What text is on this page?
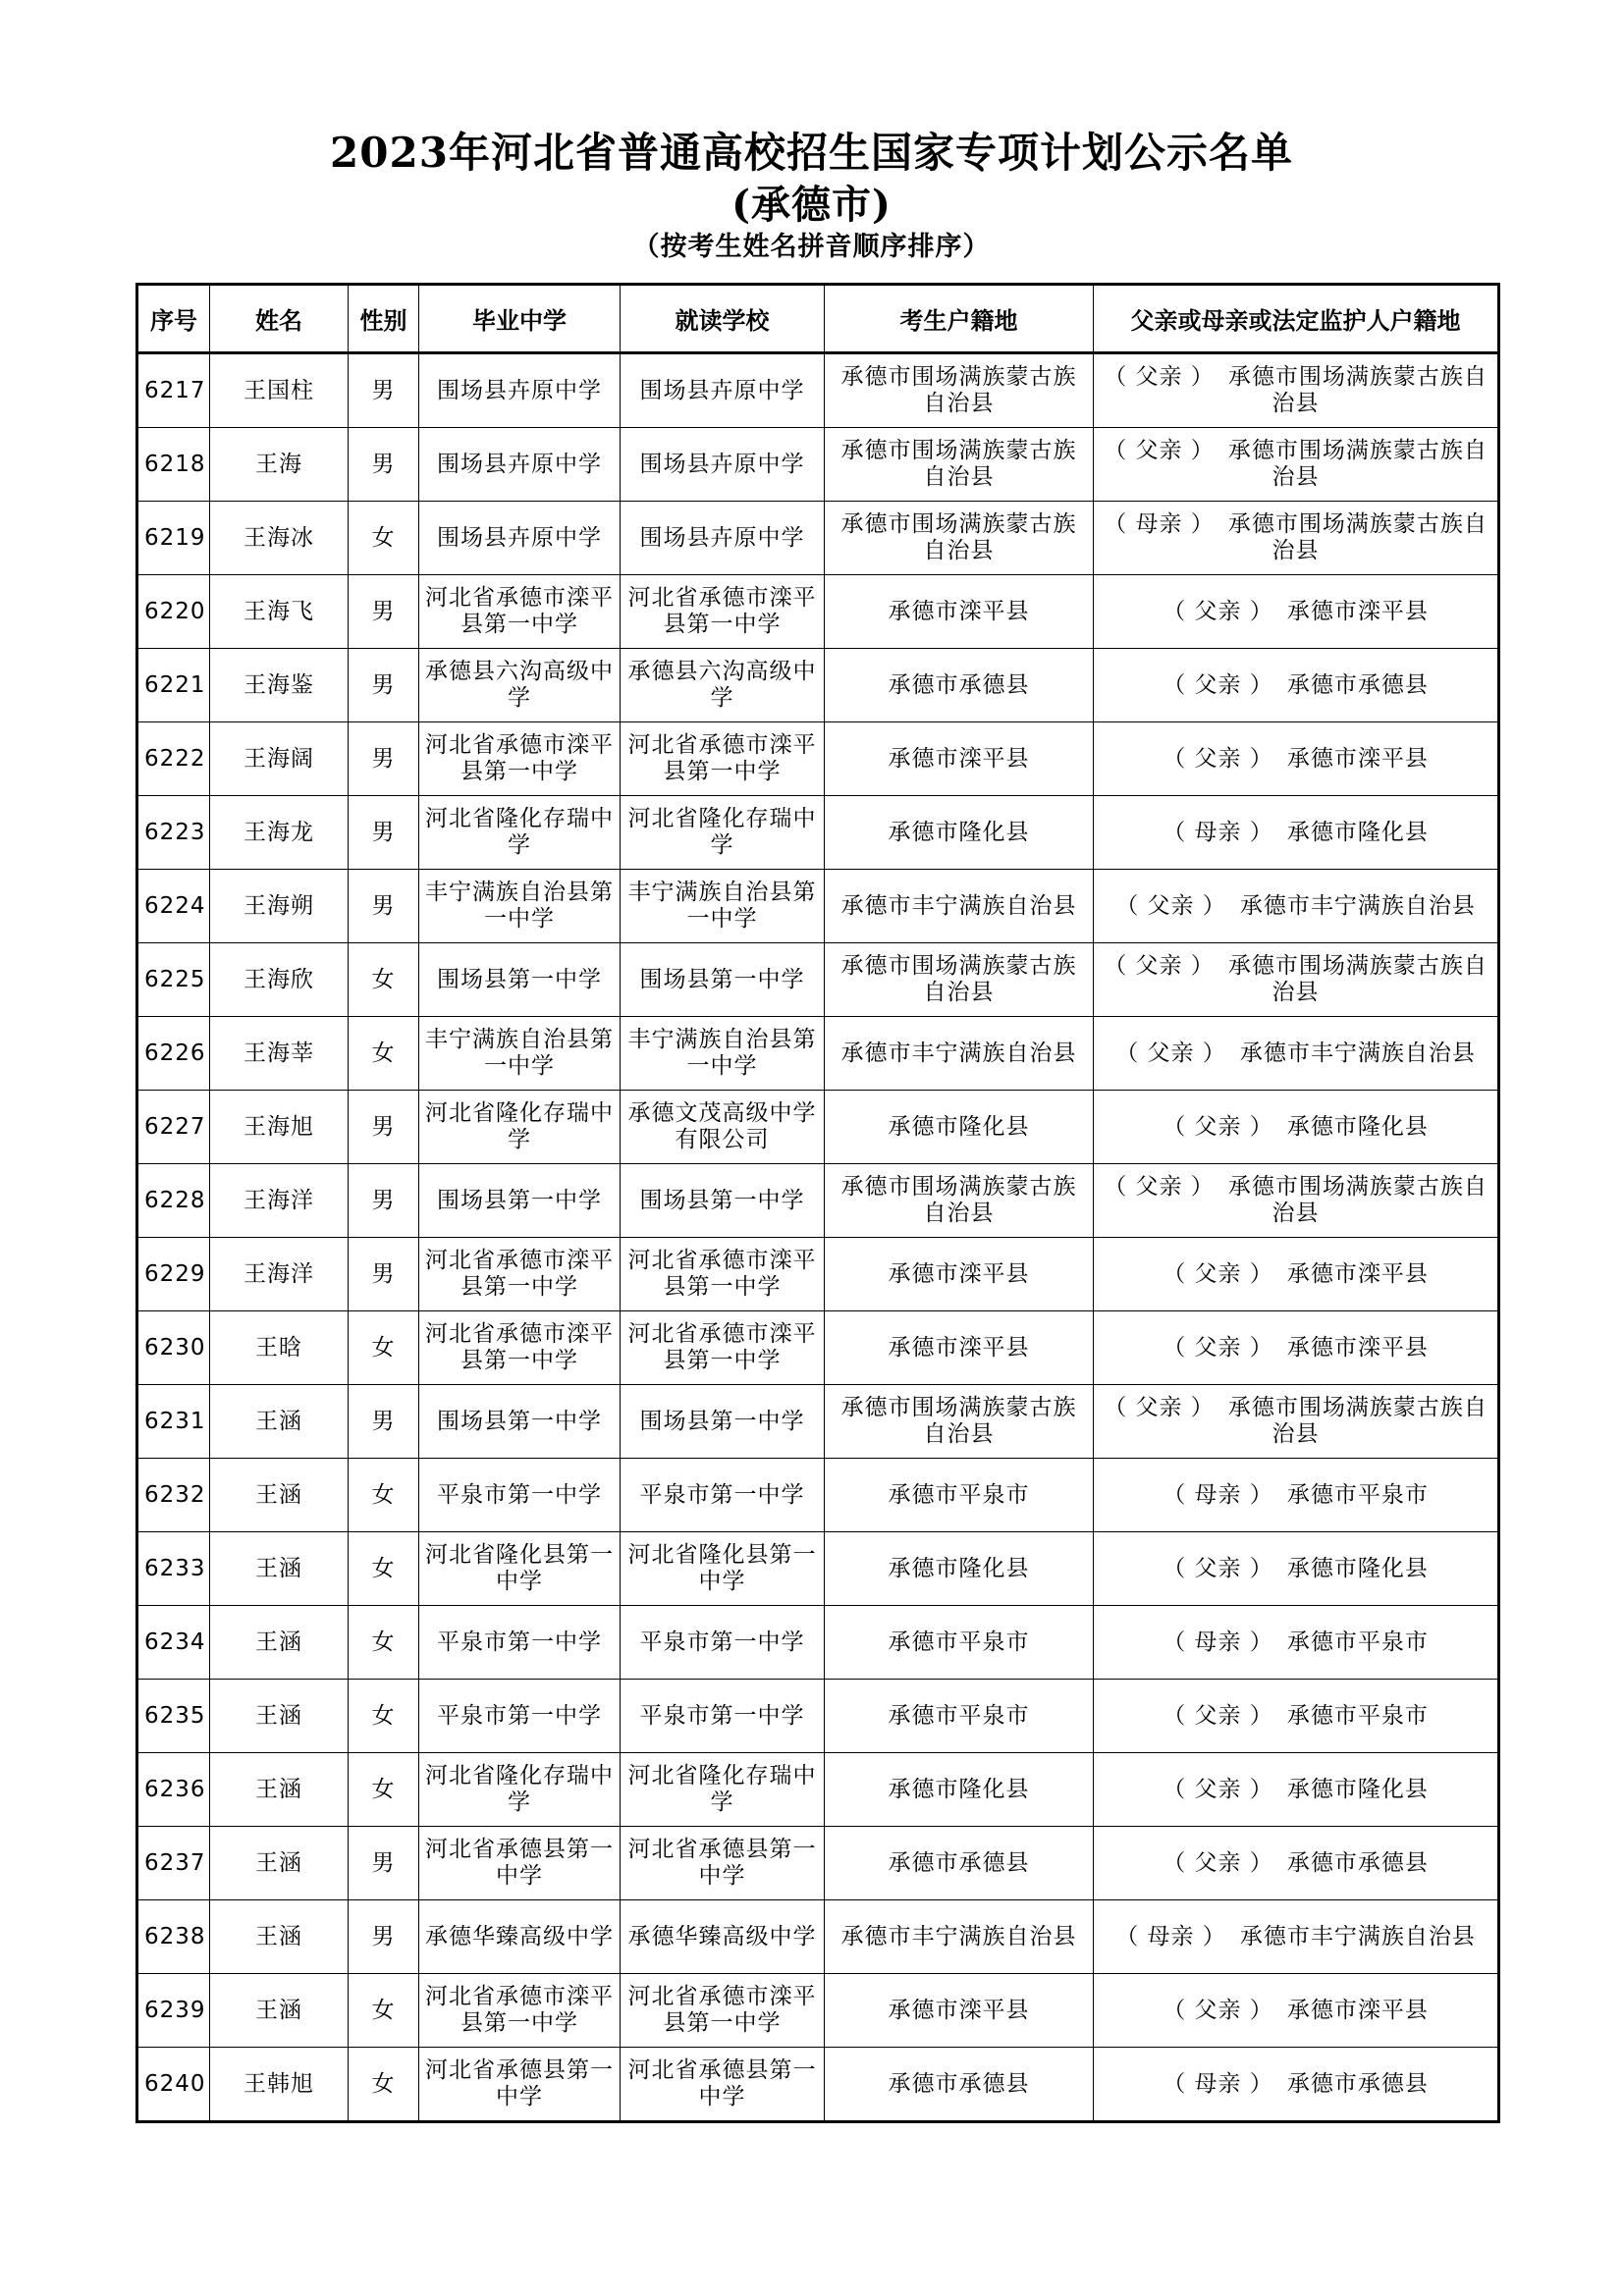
2023年河北省普通高校招生国家专项计划公示名单
(承德市)
（按考生姓名拼音顺序排序）
序号	姓名	性别	毕业中学	就读学校	考生户籍地	父亲或母亲或法定监护人户籍地
6217	王国柱	男	围场县卉原中学	围场县卉原中学	承德市围场满族蒙古族自治县	（ 父亲 ） 承德市围场满族蒙古族自治县
6218	王海	男	围场县卉原中学	围场县卉原中学	承德市围场满族蒙古族自治县	（ 父亲 ） 承德市围场满族蒙古族自治县
6219	王海冰	女	围场县卉原中学	围场县卉原中学	承德市围场满族蒙古族自治县	（ 母亲 ） 承德市围场满族蒙古族自治县
6220	王海飞	男	河北省承德市滦平县第一中学	河北省承德市滦平县第一中学	承德市滦平县	（ 父亲 ） 承德市滦平县
6221	王海鉴	男	承德县六沟高级中学	承德县六沟高级中学	承德市承德县	（ 父亲 ） 承德市承德县
6222	王海阔	男	河北省承德市滦平县第一中学	河北省承德市滦平县第一中学	承德市滦平县	（ 父亲 ） 承德市滦平县
6223	王海龙	男	河北省隆化存瑞中学	河北省隆化存瑞中学	承德市隆化县	（ 母亲 ） 承德市隆化县
6224	王海朔	男	丰宁满族自治县第一中学	丰宁满族自治县第一中学	承德市丰宁满族自治县	（ 父亲 ） 承德市丰宁满族自治县
6225	王海欣	女	围场县第一中学	围场县第一中学	承德市围场满族蒙古族自治县	（ 父亲 ） 承德市围场满族蒙古族自治县
6226	王海莘	女	丰宁满族自治县第一中学	丰宁满族自治县第一中学	承德市丰宁满族自治县	（ 父亲 ） 承德市丰宁满族自治县
6227	王海旭	男	河北省隆化存瑞中学	承德文茂高级中学有限公司	承德市隆化县	（ 父亲 ） 承德市隆化县
6228	王海洋	男	围场县第一中学	围场县第一中学	承德市围场满族蒙古族自治县	（ 父亲 ） 承德市围场满族蒙古族自治县
6229	王海洋	男	河北省承德市滦平县第一中学	河北省承德市滦平县第一中学	承德市滦平县	（ 父亲 ） 承德市滦平县
6230	王晗	女	河北省承德市滦平县第一中学	河北省承德市滦平县第一中学	承德市滦平县	（ 父亲 ） 承德市滦平县
6231	王涵	男	围场县第一中学	围场县第一中学	承德市围场满族蒙古族自治县	（ 父亲 ） 承德市围场满族蒙古族自治县
6232	王涵	女	平泉市第一中学	平泉市第一中学	承德市平泉市	（ 母亲 ） 承德市平泉市
6233	王涵	女	河北省隆化县第一中学	河北省隆化县第一中学	承德市隆化县	（ 父亲 ） 承德市隆化县
6234	王涵	女	平泉市第一中学	平泉市第一中学	承德市平泉市	（ 母亲 ） 承德市平泉市
6235	王涵	女	平泉市第一中学	平泉市第一中学	承德市平泉市	（ 父亲 ） 承德市平泉市
6236	王涵	女	河北省隆化存瑞中学	河北省隆化存瑞中学	承德市隆化县	（ 父亲 ） 承德市隆化县
6237	王涵	男	河北省承德县第一中学	河北省承德县第一中学	承德市承德县	（ 父亲 ） 承德市承德县
6238	王涵	男	承德华臻高级中学	承德华臻高级中学	承德市丰宁满族自治县	（ 母亲 ） 承德市丰宁满族自治县
6239	王涵	女	河北省承德市滦平县第一中学	河北省承德市滦平县第一中学	承德市滦平县	（ 父亲 ） 承德市滦平县
6240	王韩旭	女	河北省承德县第一中学	河北省承德县第一中学	承德市承德县	（ 母亲 ） 承德市承德县
